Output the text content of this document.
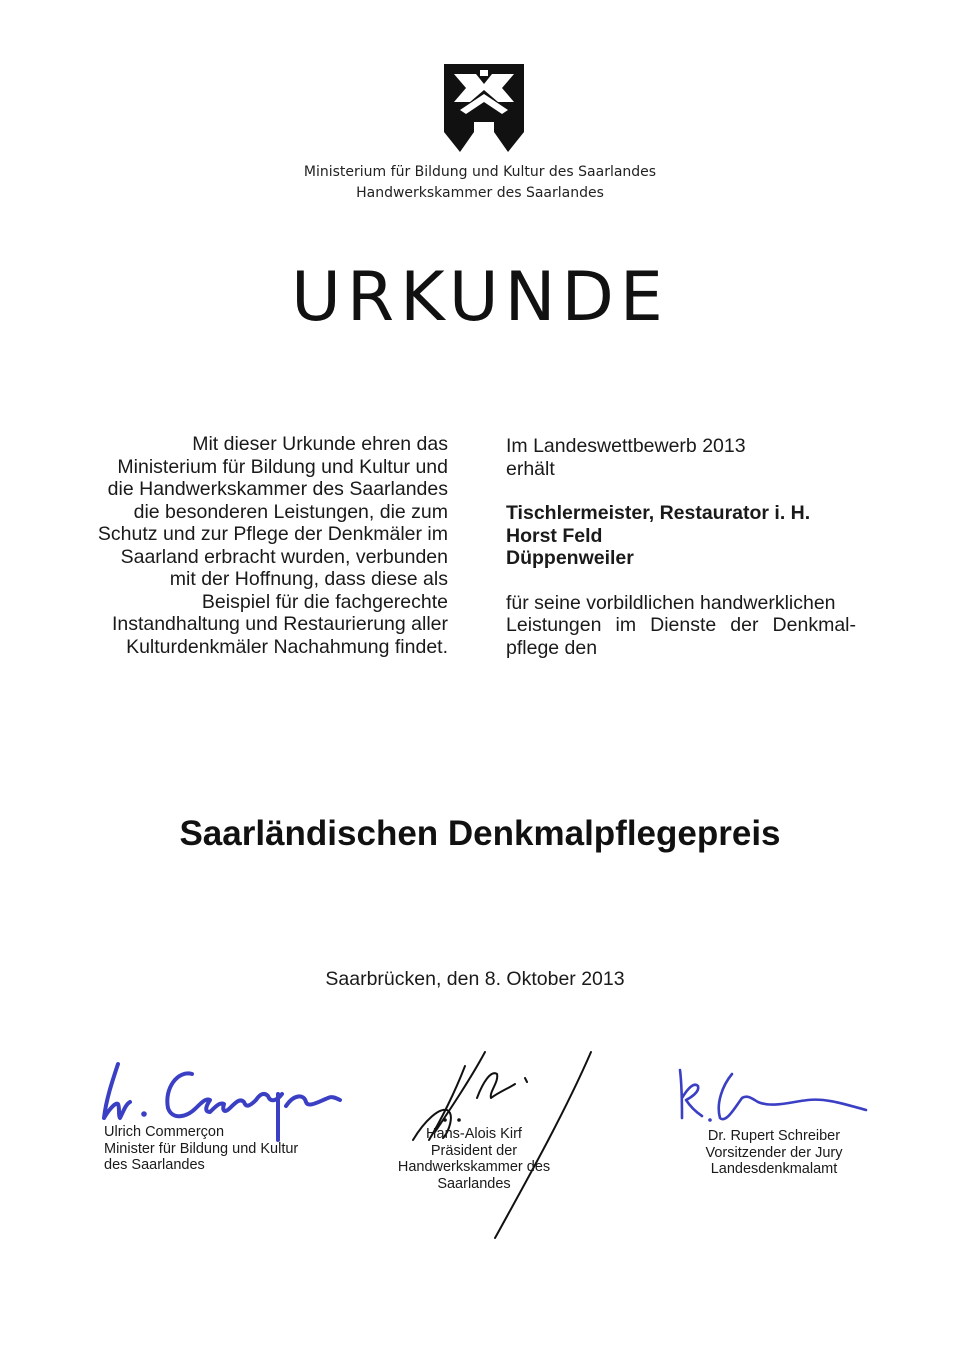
Ministerium für Bildung und Kultur des Saarlandes
Handwerkskammer des Saarlandes
URKUNDE
Mit dieser Urkunde ehren das
Ministerium für Bildung und Kultur und
die Handwerkskammer des Saarlandes
die besonderen Leistungen, die zum
Schutz und zur Pflege der Denkmäler im
Saarland erbracht wurden, verbunden
mit der Hoffnung, dass diese als
Beispiel für die fachgerechte
Instandhaltung und Restaurierung aller
Kulturdenkmäler Nachahmung findet.
Im Landeswettbewerb 2013
erhält
Tischlermeister, Restaurator i. H.
Horst Feld
Düppenweiler
für seine vorbildlichen handwerklichen
Leistungen im Dienste der Denkmal-
pflege den
Saarländischen Denkmalpflegepreis
Saarbrücken, den 8. Oktober 2013
Ulrich Commerçon
Minister für Bildung und Kultur
des Saarlandes
Hans-Alois Kirf
Präsident der
Handwerkskammer des
Saarlandes
Dr. Rupert Schreiber
Vorsitzender der Jury
Landesdenkmalamt
